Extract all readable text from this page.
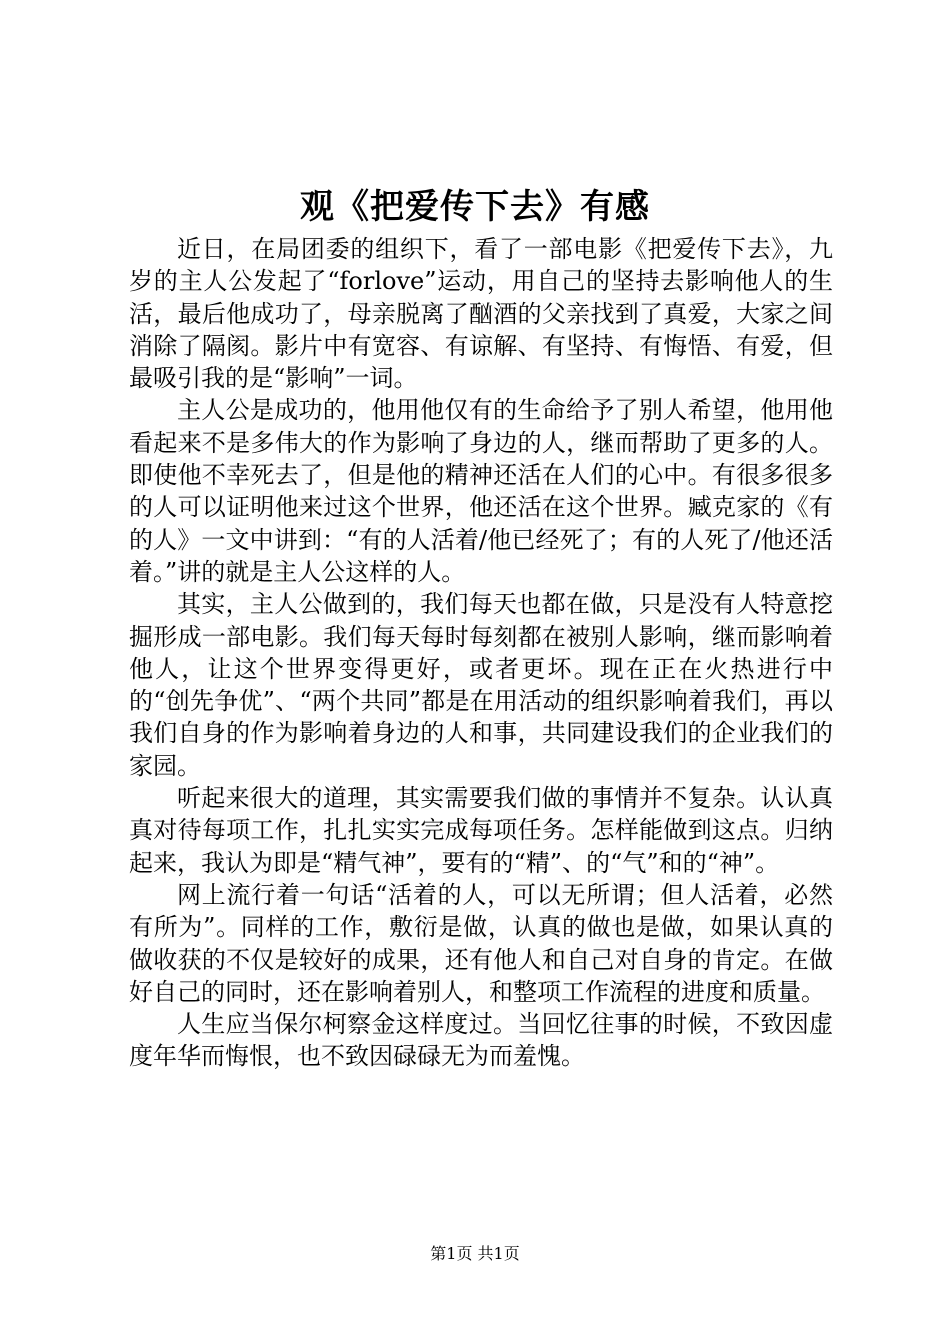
观《把爱传下去》有感

近日，在局团委的组织下，看了一部电影《把爱传下去》，九岁的主人公发起了“forlove”运动，用自己的坚持去影响他人的生活，最后他成功了，母亲脱离了酗酒的父亲找到了真爱，大家之间消除了隔阂。影片中有宽容、有谅解、有坚持、有悔悟、有爱，但最吸引我的是“影响”一词。

主人公是成功的，他用他仅有的生命给予了别人希望，他用他看起来不是多伟大的作为影响了身边的人，继而帮助了更多的人。即使他不幸死去了，但是他的精神还活在人们的心中。有很多很多的人可以证明他来过这个世界，他还活在这个世界。臧克家的《有的人》一文中讲到：“有的人活着/他已经死了；有的人死了/他还活着。”讲的就是主人公这样的人。

其实，主人公做到的，我们每天也都在做，只是没有人特意挖掘形成一部电影。我们每天每时每刻都在被别人影响，继而影响着他人，让这个世界变得更好，或者更坏。现在正在火热进行中的“创先争优”、“两个共同”都是在用活动的组织影响着我们，再以我们自身的作为影响着身边的人和事，共同建设我们的企业我们的家园。

听起来很大的道理，其实需要我们做的事情并不复杂。认认真真对待每项工作，扎扎实实完成每项任务。怎样能做到这点。归纳起来，我认为即是“精气神”，要有的“精”、的“气”和的“神”。

网上流行着一句话“活着的人，可以无所谓；但人活着，必然有所为”。同样的工作，敷衍是做，认真的做也是做，如果认真的做收获的不仅是较好的成果，还有他人和自己对自身的肯定。在做好自己的同时，还在影响着别人，和整项工作流程的进度和质量。

人生应当保尔柯察金这样度过。当回忆往事的时候，不致因虚度年华而悔恨，也不致因碌碌无为而羞愧。

第1页 共1页
